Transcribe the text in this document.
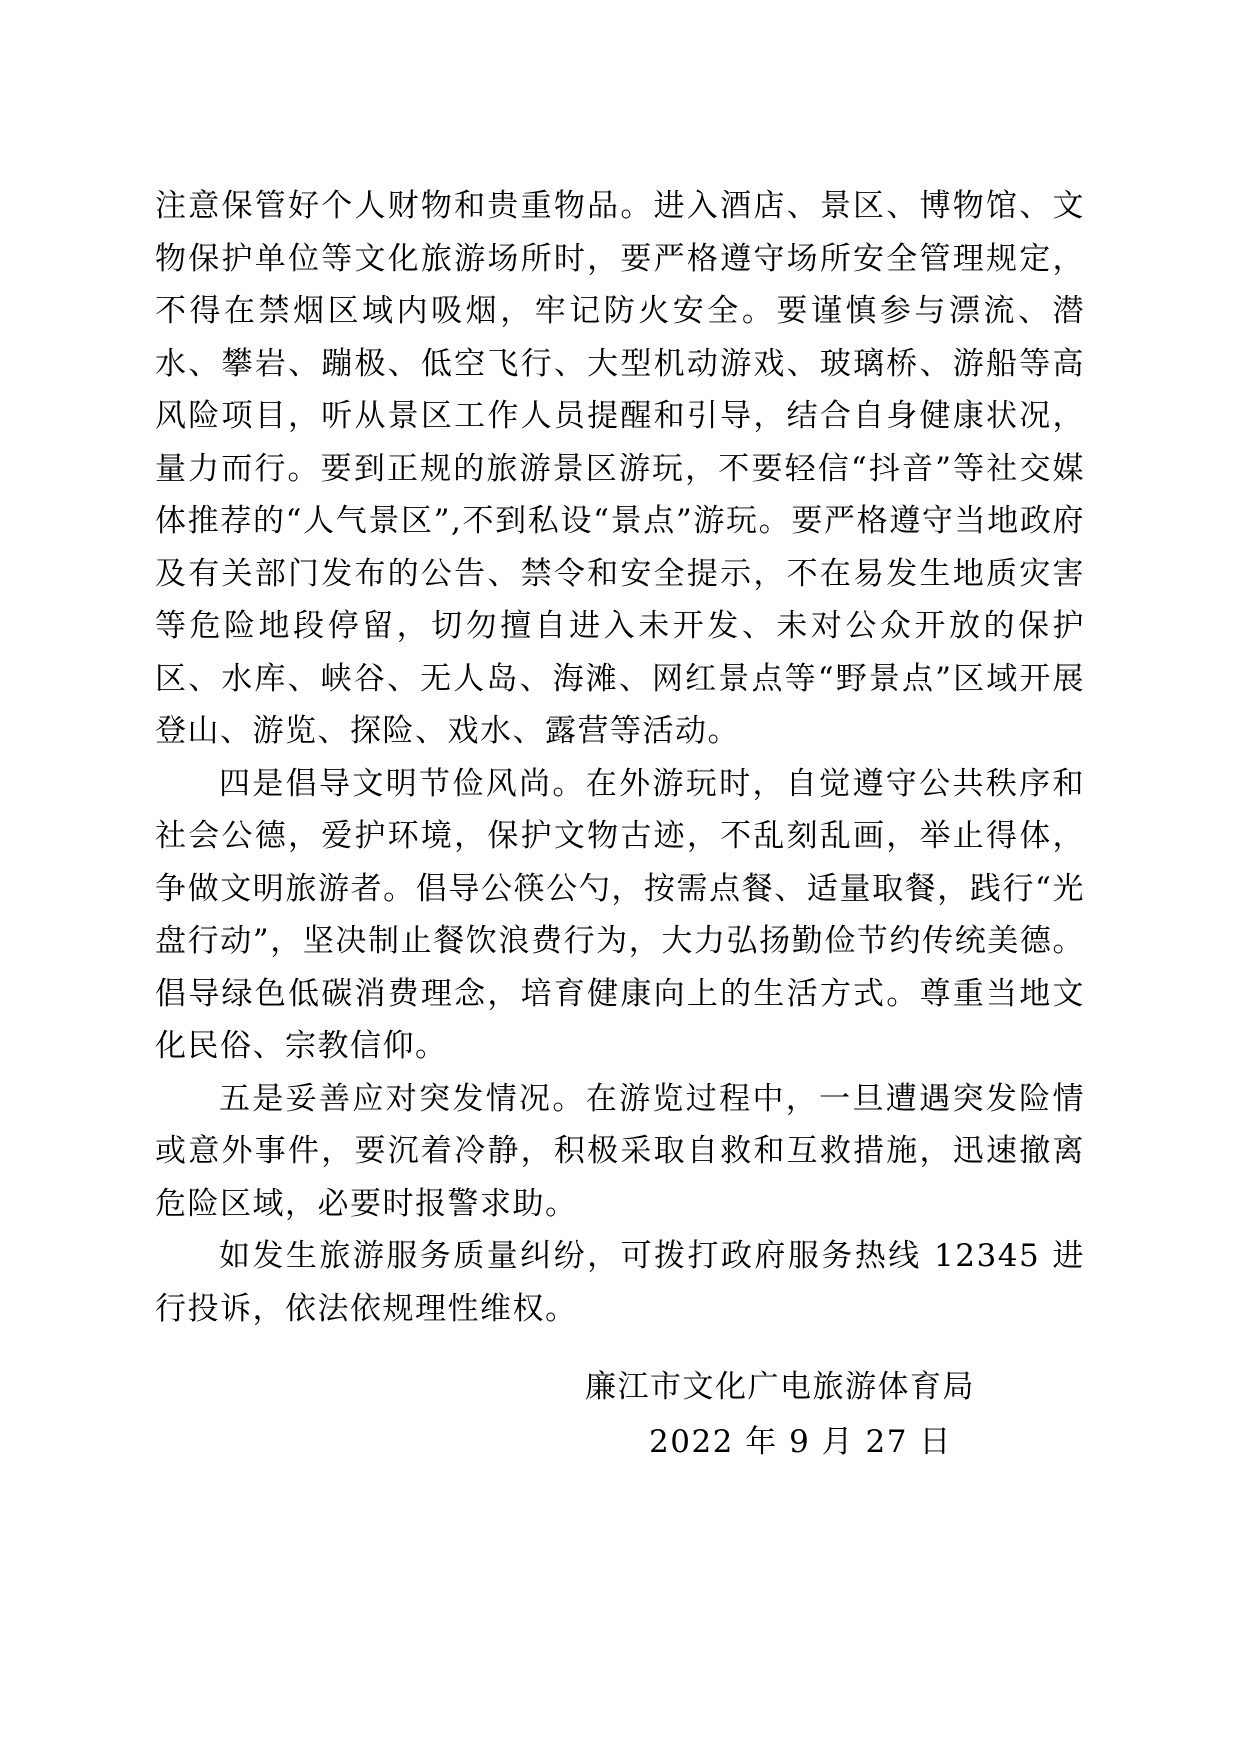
注意保管好个人财物和贵重物品。进入酒店、景区、博物馆、文物保护单位等文化旅游场所时，要严格遵守场所安全管理规定，不得在禁烟区域内吸烟，牢记防火安全。要谨慎参与漂流、潜水、攀岩、蹦极、低空飞行、大型机动游戏、玻璃桥、游船等高风险项目，听从景区工作人员提醒和引导，结合自身健康状况，量力而行。要到正规的旅游景区游玩，不要轻信“抖音”等社交媒体推荐的“人气景区”,不到私设“景点”游玩。要严格遵守当地政府及有关部门发布的公告、禁令和安全提示，不在易发生地质灾害等危险地段停留，切勿擅自进入未开发、未对公众开放的保护区、水库、峡谷、无人岛、海滩、网红景点等“野景点”区域开展登山、游览、探险、戏水、露营等活动。

四是倡导文明节俭风尚。在外游玩时，自觉遵守公共秩序和社会公德，爱护环境，保护文物古迹，不乱刻乱画，举止得体，争做文明旅游者。倡导公筷公勺，按需点餐、适量取餐，践行“光盘行动”，坚决制止餐饮浪费行为，大力弘扬勤俭节约传统美德。倡导绿色低碳消费理念，培育健康向上的生活方式。尊重当地文化民俗、宗教信仰。

五是妥善应对突发情况。在游览过程中，一旦遭遇突发险情或意外事件，要沉着冷静，积极采取自救和互救措施，迅速撤离危险区域，必要时报警求助。

如发生旅游服务质量纠纷，可拨打政府服务热线 12345 进行投诉，依法依规理性维权。

廉江市文化广电旅游体育局
2022 年 9 月 27 日
